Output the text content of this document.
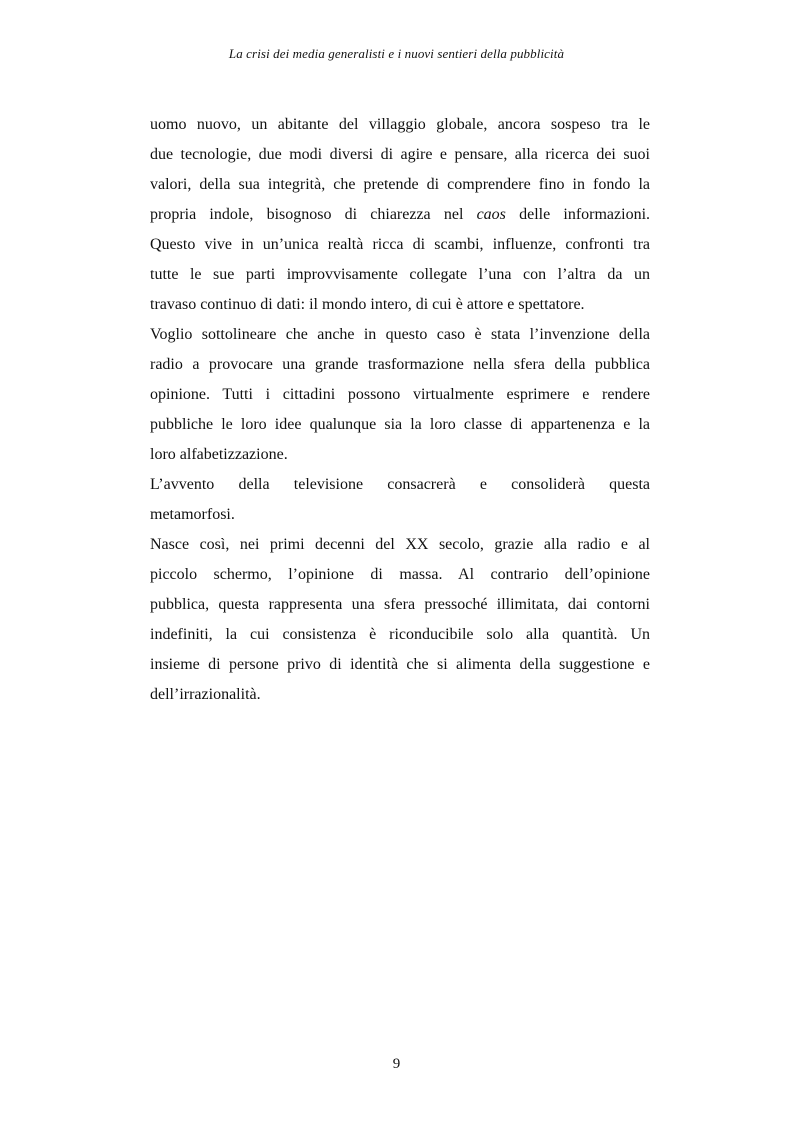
La crisi dei media generalisti e i nuovi sentieri della pubblicità
uomo nuovo, un abitante del villaggio globale, ancora sospeso tra le
due tecnologie, due modi diversi di agire e pensare, alla ricerca dei suoi
valori, della sua integrità, che pretende di comprendere fino in fondo la
propria indole, bisognoso di chiarezza nel caos delle informazioni.
Questo vive in un’unica realtà ricca di scambi, influenze, confronti tra
tutte le sue parti improvvisamente collegate l’una con l’altra da un
travaso continuo di dati: il mondo intero, di cui è attore e spettatore.
Voglio sottolineare che anche in questo caso è stata l’invenzione della
radio a provocare una grande trasformazione nella sfera della pubblica
opinione. Tutti i cittadini possono virtualmente esprimere e rendere
pubbliche le loro idee qualunque sia la loro classe di appartenenza e la
loro alfabetizzazione.
L’avvento della televisione consacrerà e consoliderà questa
metamorfosi.
Nasce così, nei primi decenni del XX secolo, grazie alla radio e al
piccolo schermo, l’opinione di massa. Al contrario dell’opinione
pubblica, questa rappresenta una sfera pressoché illimitata, dai contorni
indefiniti, la cui consistenza è riconducibile solo alla quantità. Un
insieme di persone privo di identità che si alimenta della suggestione e
dell’irrazionalità.
9
